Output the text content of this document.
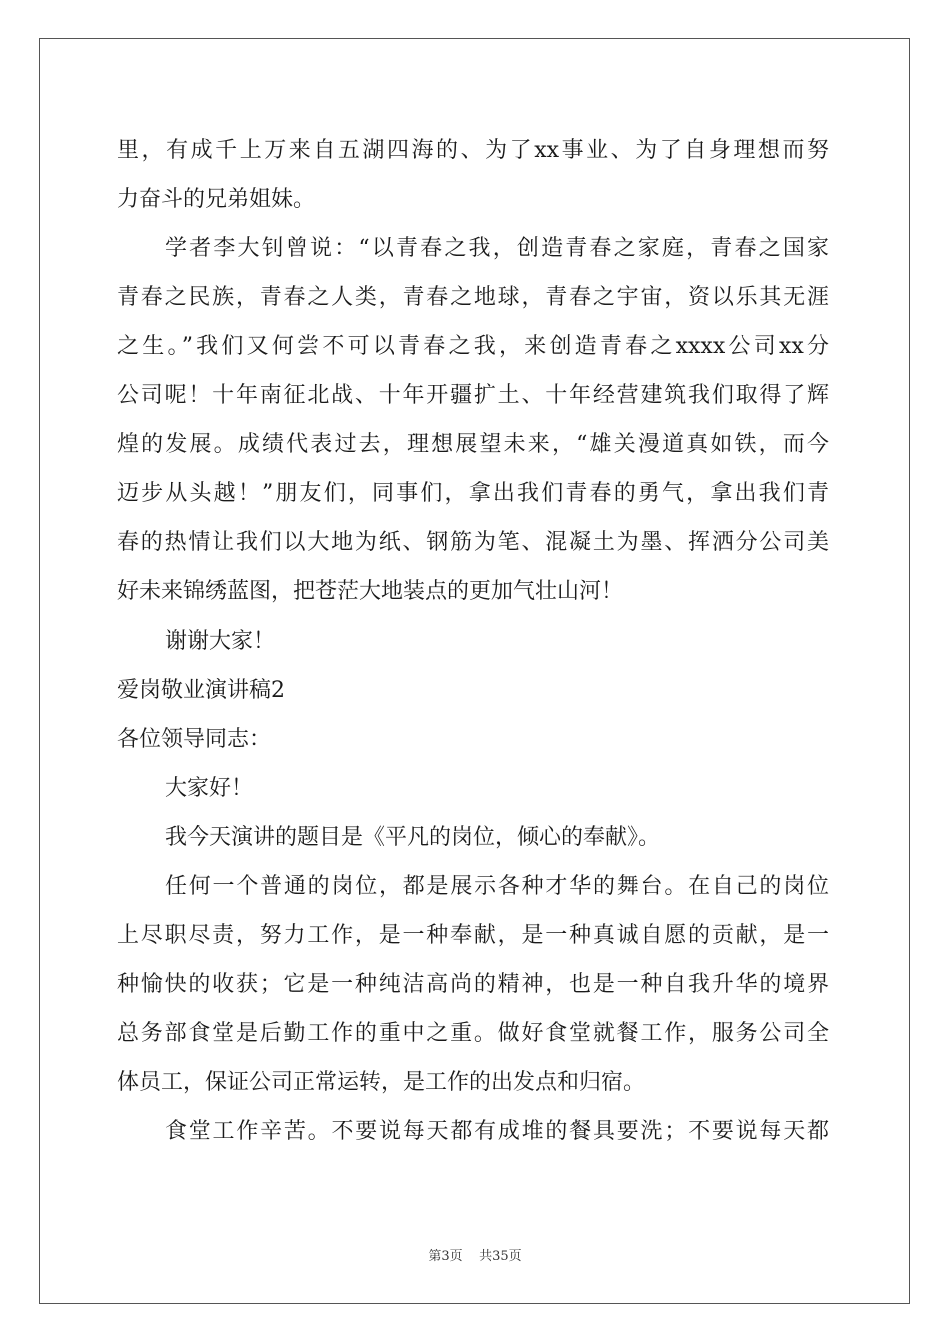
里，有成千上万来自五湖四海的、为了xx事业、为了自身理想而努
力奋斗的兄弟姐妹。
学者李大钊曾说：“以青春之我，创造青春之家庭，青春之国家
青春之民族，青春之人类，青春之地球，青春之宇宙，资以乐其无涯
之生。”我们又何尝不可以青春之我，来创造青春之xxxx公司xx分
公司呢！十年南征北战、十年开疆扩土、十年经营建筑我们取得了辉
煌的发展。成绩代表过去，理想展望未来，“雄关漫道真如铁，而今
迈步从头越！”朋友们，同事们，拿出我们青春的勇气，拿出我们青
春的热情让我们以大地为纸、钢筋为笔、混凝土为墨、挥洒分公司美
好未来锦绣蓝图，把苍茫大地装点的更加气壮山河！
谢谢大家！
爱岗敬业演讲稿2
各位领导同志：
大家好！
我今天演讲的题目是《平凡的岗位，倾心的奉献》。
任何一个普通的岗位，都是展示各种才华的舞台。在自己的岗位
上尽职尽责，努力工作，是一种奉献，是一种真诚自愿的贡献，是一
种愉快的收获；它是一种纯洁高尚的精神，也是一种自我升华的境界
总务部食堂是后勤工作的重中之重。做好食堂就餐工作，服务公司全
体员工，保证公司正常运转，是工作的出发点和归宿。
食堂工作辛苦。不要说每天都有成堆的餐具要洗；不要说每天都
第3页 共35页
